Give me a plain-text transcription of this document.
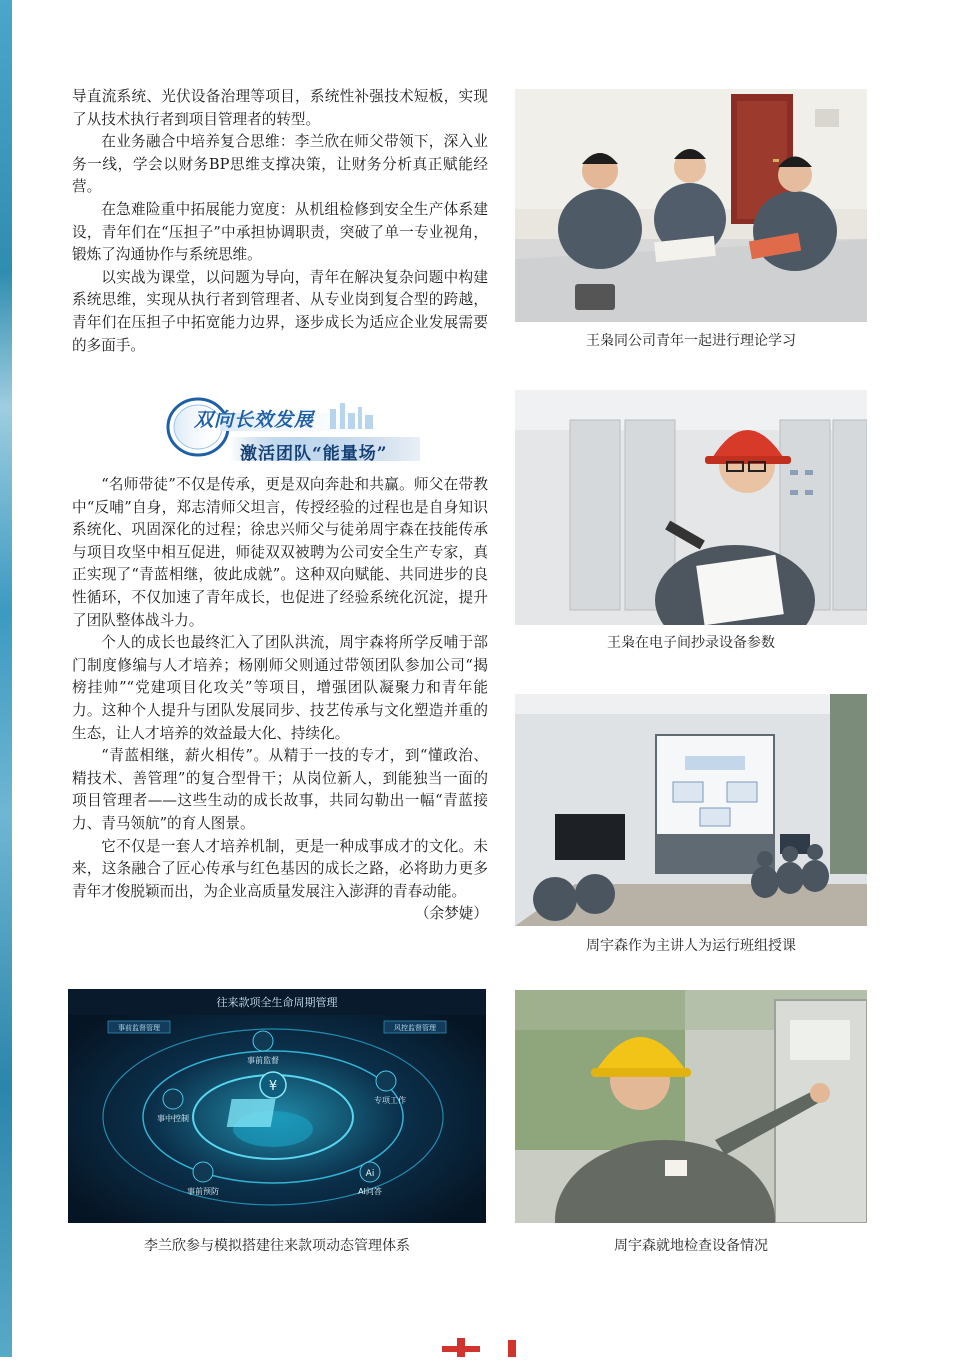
导直流系统、光伏设备治理等项目，系统性补强技术短板，实现了从技术执行者到项目管理者的转型。

在业务融合中培养复合思维：李兰欣在师父带领下，深入业务一线，学会以财务BP思维支撑决策，让财务分析真正赋能经营。

在急难险重中拓展能力宽度：从机组检修到安全生产体系建设，青年们在“压担子”中承担协调职责，突破了单一专业视角，锻炼了沟通协作与系统思维。

以实战为课堂，以问题为导向，青年在解决复杂问题中构建系统思维，实现从执行者到管理者、从专业岗到复合型的跨越，青年们在压担子中拓宽能力边界，逐步成长为适应企业发展需要的多面手。

双向长效发展
激活团队“能量场”

“名师带徒”不仅是传承，更是双向奔赴和共赢。师父在带教中“反哺”自身，郑志清师父坦言，传授经验的过程也是自身知识系统化、巩固深化的过程；徐忠兴师父与徒弟周宇森在技能传承与项目攻坚中相互促进，师徒双双被聘为公司安全生产专家，真正实现了“青蓝相继，彼此成就”。这种双向赋能、共同进步的良性循环，不仅加速了青年成长，也促进了经验系统化沉淀，提升了团队整体战斗力。

个人的成长也最终汇入了团队洪流，周宇森将所学反哺于部门制度修编与人才培养；杨刚师父则通过带领团队参加公司“揭榜挂帅”“党建项目化攻关”等项目，增强团队凝聚力和青年能力。这种个人提升与团队发展同步、技艺传承与文化塑造并重的生态，让人才培养的效益最大化、持续化。

“青蓝相继，薪火相传”。从精于一技的专才，到“懂政治、精技术、善管理”的复合型骨干；从岗位新人，到能独当一面的项目管理者——这些生动的成长故事，共同勾勒出一幅“青蓝接力、青马领航”的育人图景。

它不仅是一套人才培养机制，更是一种成事成才的文化。未来，这条融合了匠心传承与红色基因的成长之路，必将助力更多青年才俊脱颖而出，为企业高质量发展注入澎湃的青春动能。

（余梦婕）
王枭同公司青年一起进行理论学习
王枭在电子间抄录设备参数
周宇森作为主讲人为运行班组授课
往来款项全生命周期管理
事前监督管理	风控监督管理
¥
事前监督
事中控制
专项工作
事前预防	AI问答
Ai
李兰欣参与模拟搭建往来款项动态管理体系	周宇森就地检查设备情况
